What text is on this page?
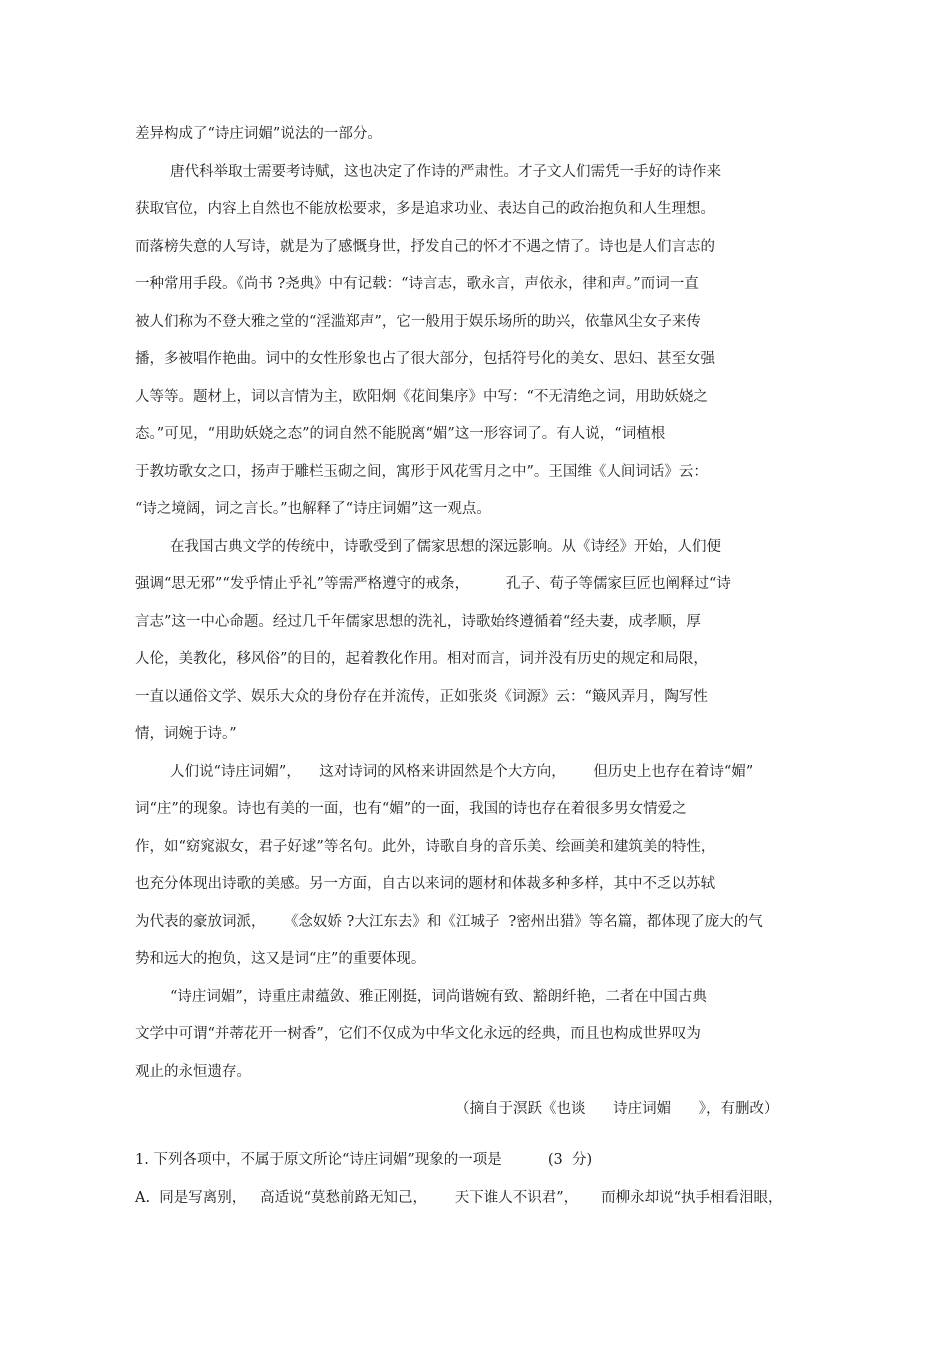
差异构成了“诗庄词媚”说法的一部分。
唐代科举取士需要考诗赋，这也决定了作诗的严肃性。才子文人们需凭一手好的诗作来
获取官位，内容上自然也不能放松要求，多是追求功业、表达自己的政治抱负和人生理想。
而落榜失意的人写诗，就是为了感慨身世，抒发自己的怀才不遇之情了。诗也是人们言志的
一种常用手段。《尚书 ?尧典》中有记载：“诗言志，歌永言，声依永，律和声。”而词一直
被人们称为不登大雅之堂的“淫滥郑声”，它一般用于娱乐场所的助兴，依靠风尘女子来传
播，多被唱作艳曲。词中的女性形象也占了很大部分，包括符号化的美女、思妇、甚至女强
人等等。题材上，词以言情为主，欧阳炯《花间集序》中写：“不无清绝之词，用助妖娆之
态。”可见，“用助妖娆之态”的词自然不能脱离“媚”这一形容词了。有人说，“词植根
于教坊歌女之口，扬声于雕栏玉砌之间，寓形于风花雪月之中”。王国维《人间词话》云：
“诗之境阔，词之言长。”也解释了“诗庄词媚”这一观点。
在我国古典文学的传统中，诗歌受到了儒家思想的深远影响。从《诗经》开始，人们便
强调“思无邪”“发乎情止乎礼”等需严格遵守的戒条，        孔子、荀子等儒家巨匠也阐释过“诗
言志”这一中心命题。经过几千年儒家思想的洗礼，诗歌始终遵循着“经夫妻，成孝顺，厚
人伦，美教化，移风俗”的目的，起着教化作用。相对而言，词并没有历史的规定和局限，
一直以通俗文学、娱乐大众的身份存在并流传，正如张炎《词源》云：“簸风弄月，陶写性
情，词婉于诗。”
人们说“诗庄词媚”，    这对诗词的风格来讲固然是个大方向，      但历史上也存在着诗“媚”
词“庄”的现象。诗也有美的一面，也有“媚”的一面，我国的诗也存在着很多男女情爱之
作，如“窈窕淑女，君子好逑”等名句。此外，诗歌自身的音乐美、绘画美和建筑美的特性，
也充分体现出诗歌的美感。另一方面，自古以来词的题材和体裁多种多样，其中不乏以苏轼
为代表的豪放词派，    《念奴娇 ?大江东去》和《江城子  ?密州出猎》等名篇，都体现了庞大的气
势和远大的抱负，这又是词“庄”的重要体现。
“诗庄词媚”，诗重庄肃蕴敛、雅正刚挺，词尚谐婉有致、豁朗纤艳，二者在中国古典
文学中可谓“并蒂花开一树香”，它们不仅成为中华文化永远的经典，而且也构成世界叹为
观止的永恒遗存。
（摘自于溟跃《也谈      诗庄词媚      》，有删改）
1. 下列各项中，不属于原文所论“诗庄词媚”现象的一项是          (3  分)
A.  同是写离别，   高适说“莫愁前路无知己，      天下谁人不识君”，     而柳永却说“执手相看泪眼，
